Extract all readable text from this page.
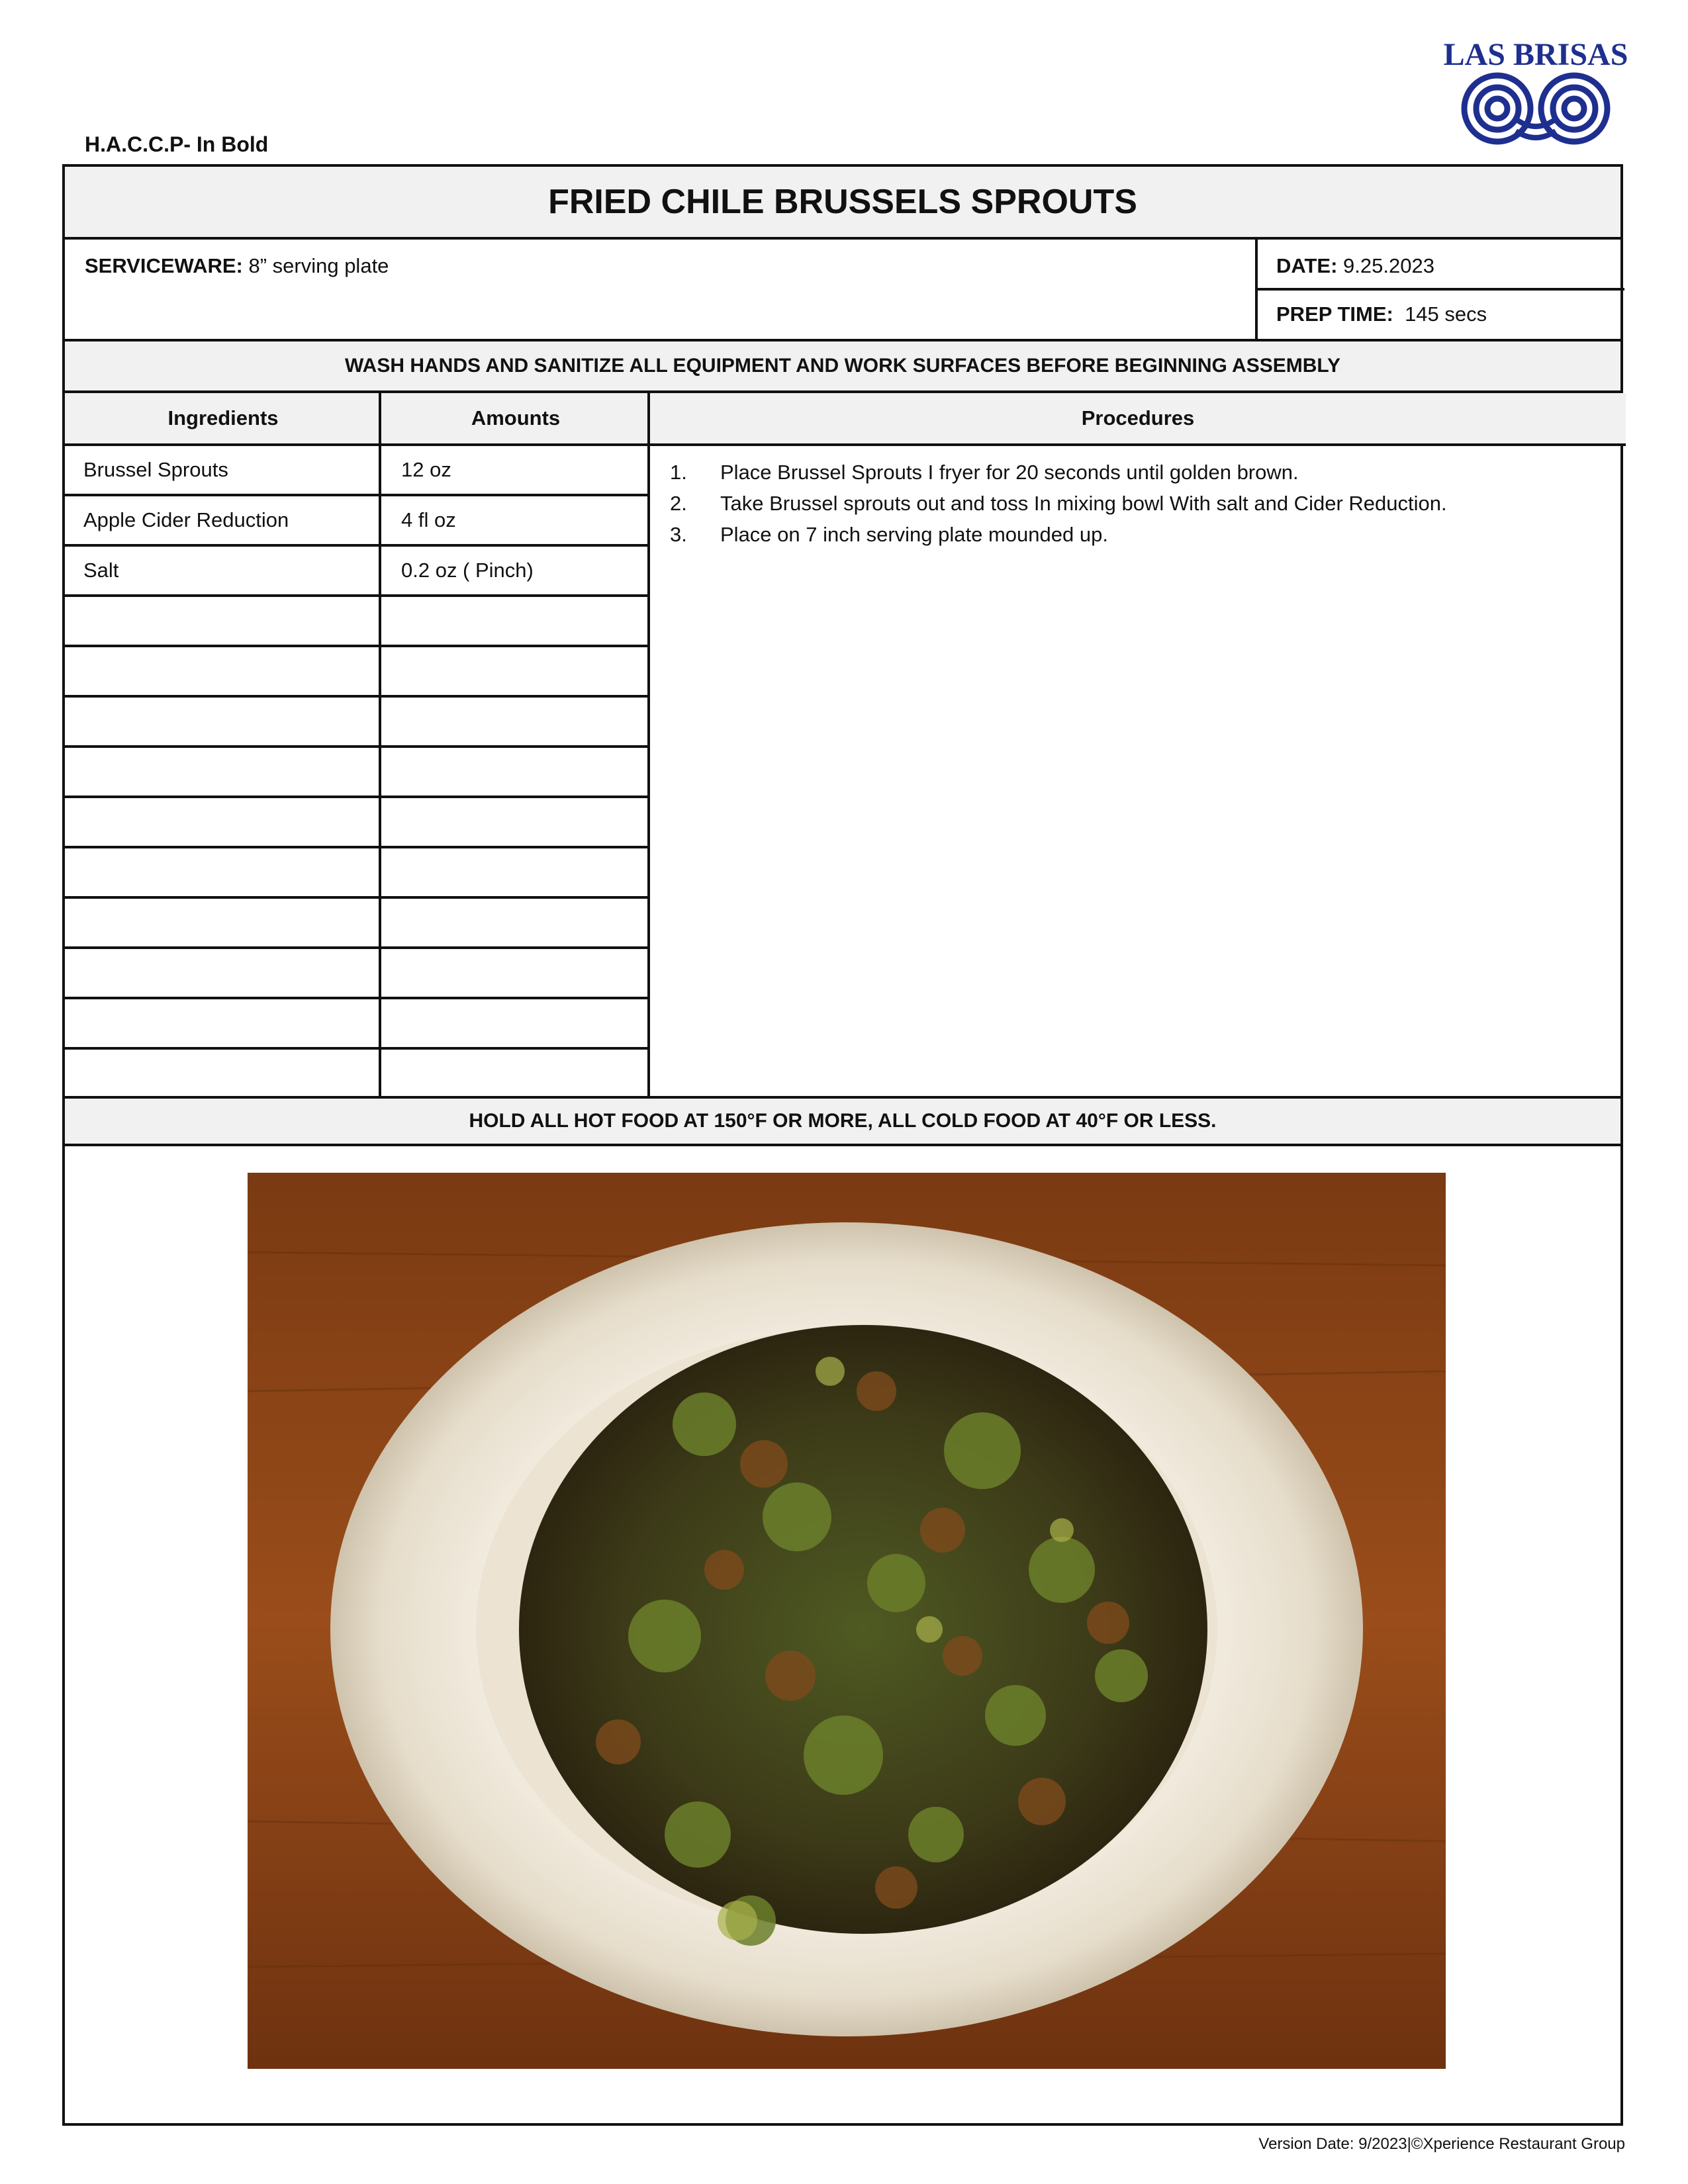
LAS BRISAS
H.A.C.C.P- In Bold
FRIED CHILE BRUSSELS SPROUTS
SERVICEWARE: 8” serving plate	DATE: 9.25.2023
PREP TIME:  145 secs
WASH HANDS AND SANITIZE ALL EQUIPMENT AND WORK SURFACES BEFORE BEGINNING ASSEMBLY
Ingredients	Amounts	Procedures
Brussel Sprouts	12 oz
Apple Cider Reduction	4 fl oz
Salt	0.2 oz ( Pinch)
1.	Place Brussel Sprouts I fryer for 20 seconds until golden brown.
2.	Take Brussel sprouts out and toss In mixing bowl With salt and Cider Reduction.
3.	Place on 7 inch serving plate mounded up.
HOLD ALL HOT FOOD AT 150°F OR MORE, ALL COLD FOOD AT 40°F OR LESS.
Version Date: 9/2023|©Xperience Restaurant Group
